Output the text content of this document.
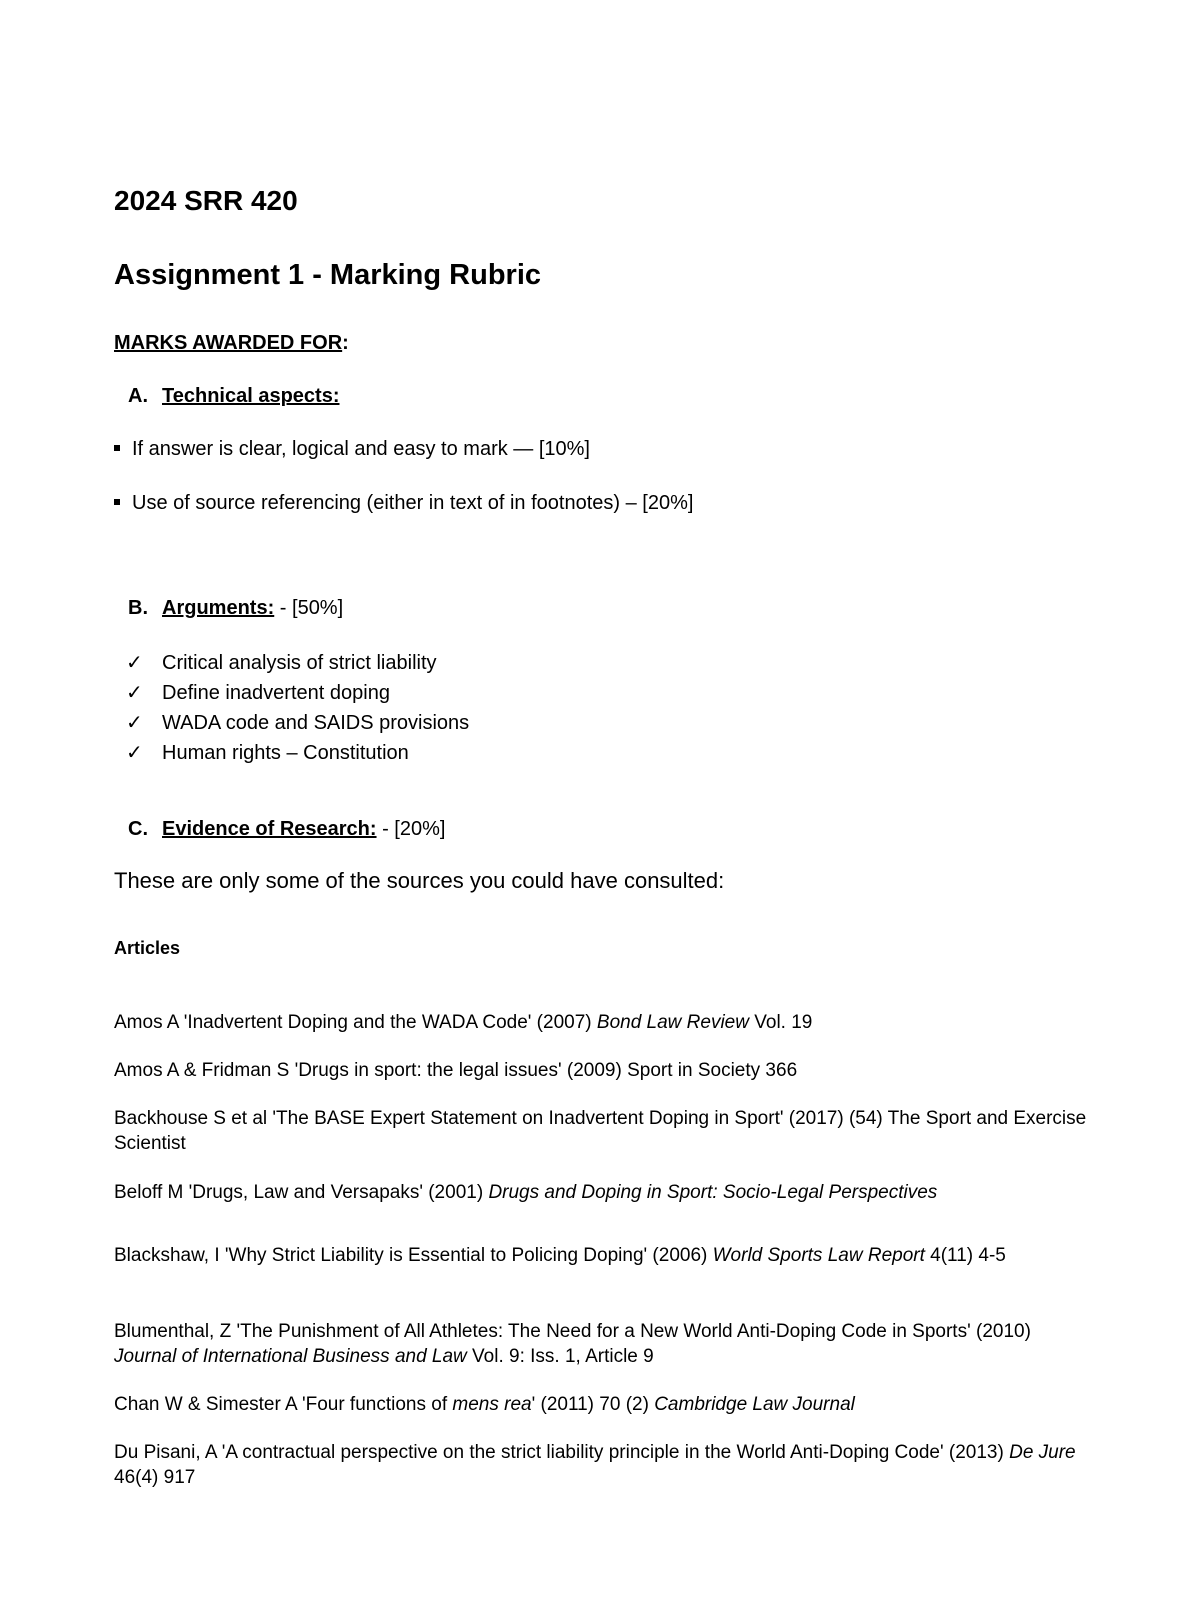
2024 SRR 420
Assignment 1 - Marking Rubric
MARKS AWARDED FOR:
A. Technical aspects:
If answer is clear, logical and easy to mark — [10%]
Use of source referencing (either in text of in footnotes) – [20%]
B. Arguments: - [50%]
✓ Critical analysis of strict liability
✓ Define inadvertent doping
✓ WADA code and SAIDS provisions
✓ Human rights – Constitution
C. Evidence of Research: - [20%]
These are only some of the sources you could have consulted:
Articles
Amos A 'Inadvertent Doping and the WADA Code' (2007) Bond Law Review Vol. 19
Amos A & Fridman S 'Drugs in sport: the legal issues' (2009) Sport in Society 366
Backhouse S et al 'The BASE Expert Statement on Inadvertent Doping in Sport' (2017) (54) The Sport and Exercise Scientist
Beloff M 'Drugs, Law and Versapaks' (2001) Drugs and Doping in Sport: Socio-Legal Perspectives
Blackshaw, I 'Why Strict Liability is Essential to Policing Doping' (2006) World Sports Law Report 4(11) 4-5
Blumenthal, Z 'The Punishment of All Athletes: The Need for a New World Anti-Doping Code in Sports' (2010) Journal of International Business and Law Vol. 9: Iss. 1, Article 9
Chan W & Simester A 'Four functions of mens rea' (2011) 70 (2) Cambridge Law Journal
Du Pisani, A 'A contractual perspective on the strict liability principle in the World Anti-Doping Code' (2013) De Jure 46(4) 917
